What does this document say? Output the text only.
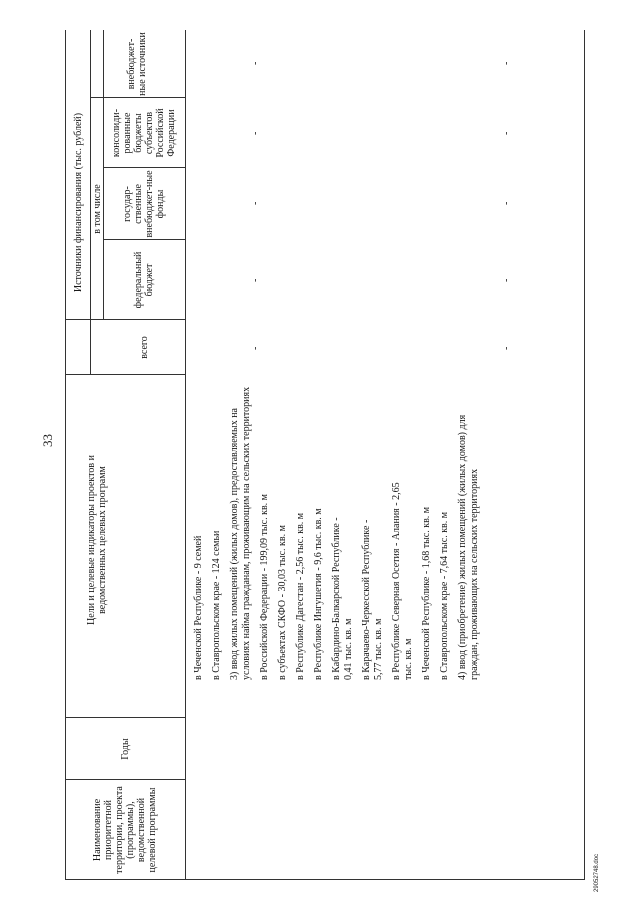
33
29052748.doc
Наименование приоритетной территории, проекта (программы), ведомственной целевой программы
Годы
Цели и целевые индикаторы проектов и ведомственных целевых программ
Источники финансирования (тыс. рублей)
всего
в том числе
федеральный бюджет
государ-ственные внебюджет-ные фонды
консолиди-рованные бюджеты субъектов Российской Федерации
внебюджет-ные источники
в Чеченской Республике - 9 семей в Ставропольском крае - 124 семьи 3) ввод жилых помещений (жилых домов), предоставляемых на условиях найма гражданам, проживающим на сельских территориях в Российской Федерации - 199,09 тыс. кв. м в субъектах СКФО - 30,03 тыс. кв. м в Республике Дагестан - 2,56 тыс. кв. м в Республике Ингушетия - 9,6 тыс. кв. м в Кабардино-Балкарской Республике - 0,41 тыс. кв. м в Карачаево-Черкесской Республике - 5,77 тыс. кв. м в Республике Северная Осетия - Алания - 2,65 тыс. кв. м в Чеченской Республике - 1,68 тыс. кв. м в Ставропольском крае - 7,64 тыс. кв. м 4) ввод (приобретение) жилых помещений (жилых домов) для граждан, проживающих на сельских территориях
-
-
-
-
-
-
-
-
-
-
